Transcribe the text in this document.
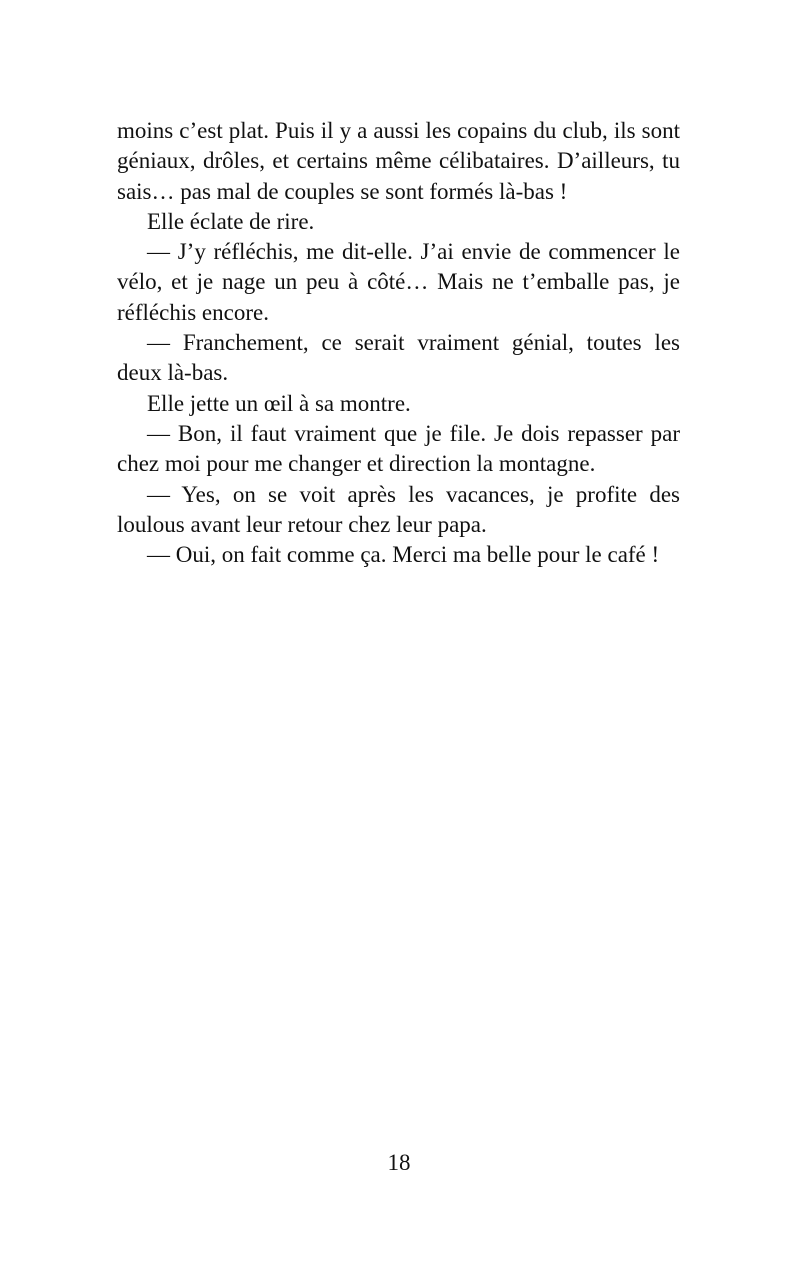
moins c’est plat. Puis il y a aussi les copains du club, ils sont géniaux, drôles, et certains même célibataires. D’ailleurs, tu sais… pas mal de couples se sont formés là-bas !

Elle éclate de rire.

— J’y réfléchis, me dit-elle. J’ai envie de commencer le vélo, et je nage un peu à côté… Mais ne t’emballe pas, je réfléchis encore.

— Franchement, ce serait vraiment génial, toutes les deux là-bas.

Elle jette un œil à sa montre.

— Bon, il faut vraiment que je file. Je dois repasser par chez moi pour me changer et direction la montagne.

— Yes, on se voit après les vacances, je profite des loulous avant leur retour chez leur papa.

— Oui, on fait comme ça. Merci ma belle pour le café !

18
